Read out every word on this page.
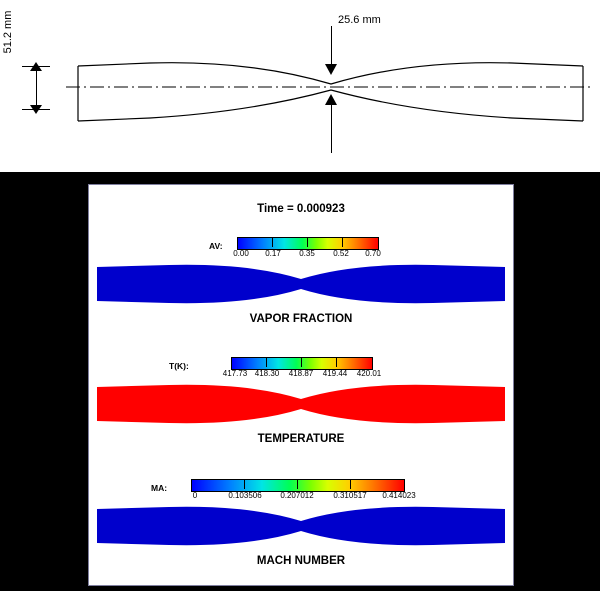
25.6 mm
51.2 mm
Time = 0.000923
AV:
0.00 0.17 0.35 0.52 0.70
VAPOR FRACTION
T(K):
417.73 418.30 418.87 419.44 420.01
TEMPERATURE
MA:
0	0.103506 0.207012 0.310517 0.414023
MACH NUMBER
